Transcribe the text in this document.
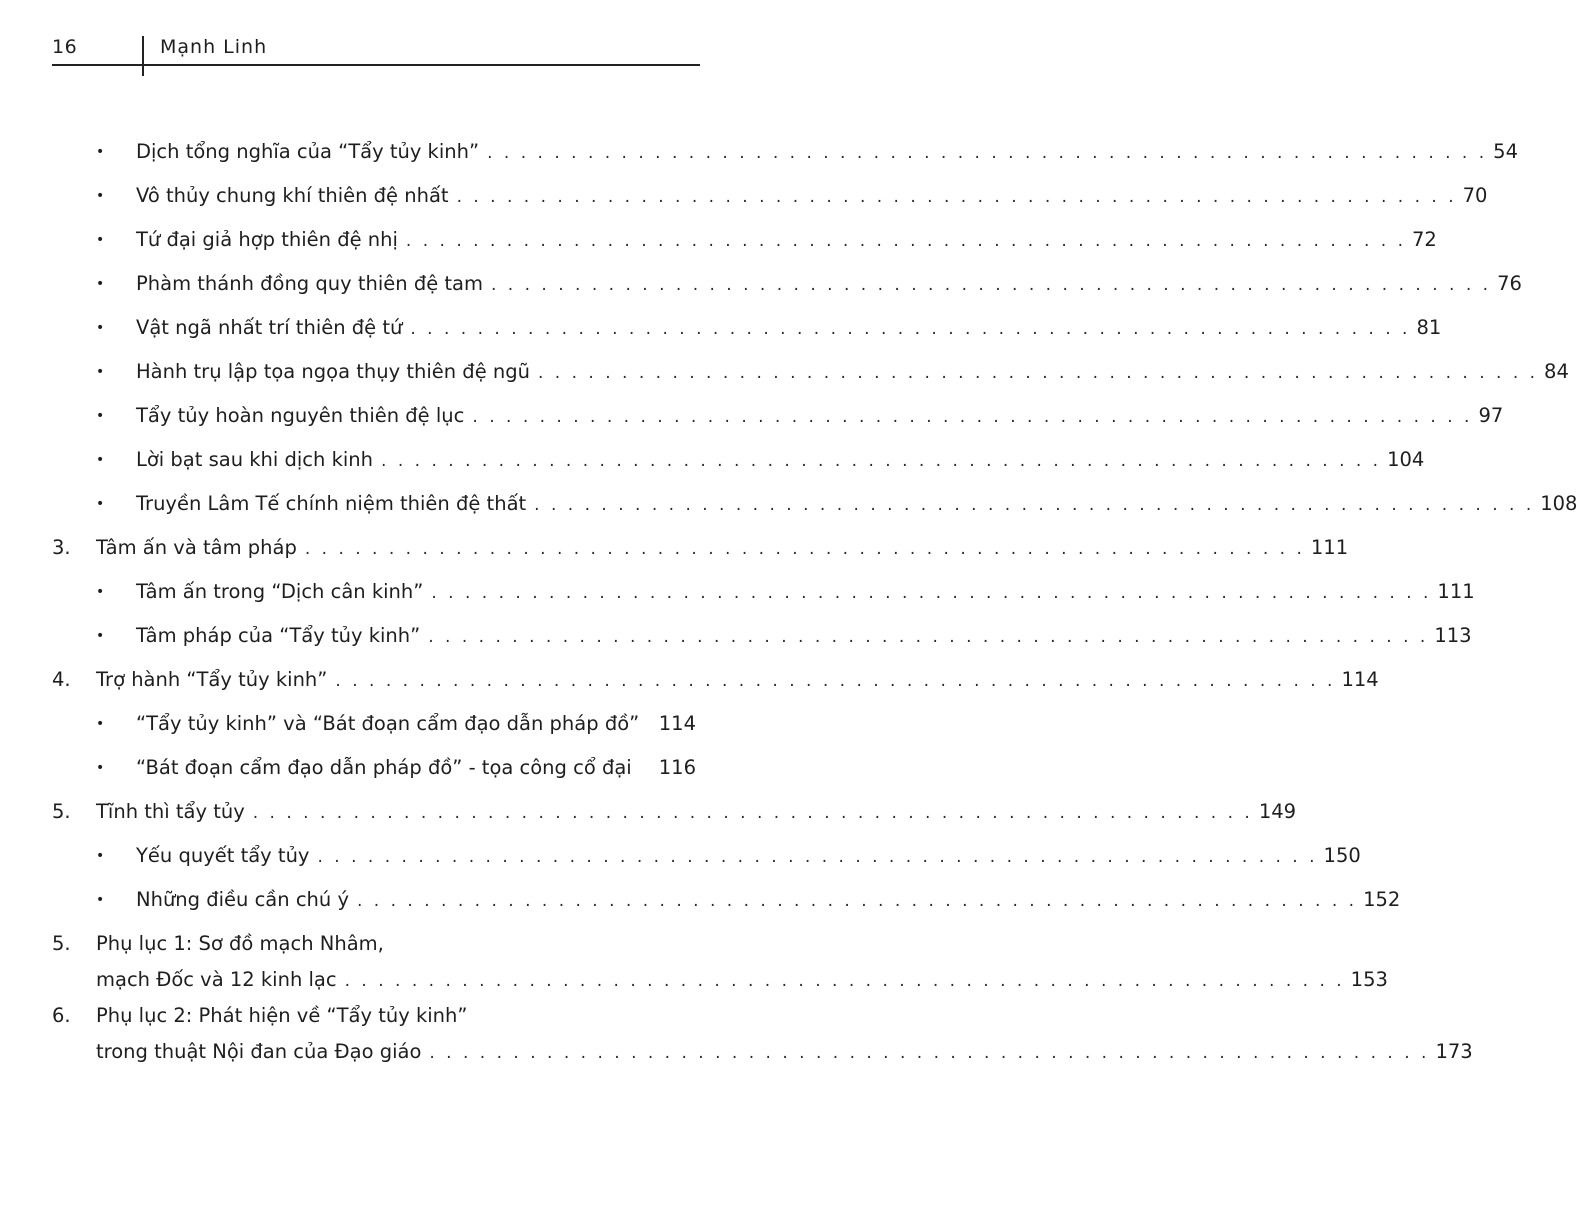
16	Mạnh Linh
• Dịch tổng nghĩa của “Tẩy tủy kinh” . . . . . . . . . . . . . . . . . . . . . . . . . . . . . . . . . . . . . . . . . . . . . . . . . . . . . . . . . . . . 54
• Vô thủy chung khí thiên đệ nhất . . . . . . . . . . . . . . . . . . . . . . . . . . . . . . . . . . . . . . . . . . . . . . . . . . . . . . . . . . . . 70
• Tứ đại giả hợp thiên đệ nhị . . . . . . . . . . . . . . . . . . . . . . . . . . . . . . . . . . . . . . . . . . . . . . . . . . . . . . . . . . . . 72
• Phàm thánh đồng quy thiên đệ tam . . . . . . . . . . . . . . . . . . . . . . . . . . . . . . . . . . . . . . . . . . . . . . . . . . . . . . . . . . . . 76
• Vật ngã nhất trí thiên đệ tứ . . . . . . . . . . . . . . . . . . . . . . . . . . . . . . . . . . . . . . . . . . . . . . . . . . . . . . . . . . . . 81
• Hành trụ lập tọa ngọa thụy thiên đệ ngũ . . . . . . . . . . . . . . . . . . . . . . . . . . . . . . . . . . . . . . . . . . . . . . . . . . . . . . . . . . . . 84
• Tẩy tủy hoàn nguyên thiên đệ lục . . . . . . . . . . . . . . . . . . . . . . . . . . . . . . . . . . . . . . . . . . . . . . . . . . . . . . . . . . . . 97
• Lời bạt sau khi dịch kinh . . . . . . . . . . . . . . . . . . . . . . . . . . . . . . . . . . . . . . . . . . . . . . . . . . . . . . . . . . . . 104
• Truyền Lâm Tế chính niệm thiên đệ thất . . . . . . . . . . . . . . . . . . . . . . . . . . . . . . . . . . . . . . . . . . . . . . . . . . . . . . . . . . . . 108
3. Tâm ấn và tâm pháp . . . . . . . . . . . . . . . . . . . . . . . . . . . . . . . . . . . . . . . . . . . . . . . . . . . . . . . . . . . . 111
• Tâm ấn trong “Dịch cân kinh” . . . . . . . . . . . . . . . . . . . . . . . . . . . . . . . . . . . . . . . . . . . . . . . . . . . . . . . . . . . . 111
• Tâm pháp của “Tẩy tủy kinh” . . . . . . . . . . . . . . . . . . . . . . . . . . . . . . . . . . . . . . . . . . . . . . . . . . . . . . . . . . . . 113
4. Trợ hành “Tẩy tủy kinh” . . . . . . . . . . . . . . . . . . . . . . . . . . . . . . . . . . . . . . . . . . . . . . . . . . . . . . . . . . . . 114
• “Tẩy tủy kinh” và “Bát đoạn cẩm đạo dẫn pháp đồ”	114
• “Bát đoạn cẩm đạo dẫn pháp đồ” - tọa công cổ đại	116
5. Tĩnh thì tẩy tủy . . . . . . . . . . . . . . . . . . . . . . . . . . . . . . . . . . . . . . . . . . . . . . . . . . . . . . . . . . . . 149
• Yếu quyết tẩy tủy . . . . . . . . . . . . . . . . . . . . . . . . . . . . . . . . . . . . . . . . . . . . . . . . . . . . . . . . . . . . 150
• Những điều cần chú ý . . . . . . . . . . . . . . . . . . . . . . . . . . . . . . . . . . . . . . . . . . . . . . . . . . . . . . . . . . . . 152
5. Phụ lục 1: Sơ đồ mạch Nhâm,
mạch Đốc và 12 kinh lạc . . . . . . . . . . . . . . . . . . . . . . . . . . . . . . . . . . . . . . . . . . . . . . . . . . . . . . . . . . . . 153
6. Phụ lục 2: Phát hiện về “Tẩy tủy kinh”
trong thuật Nội đan của Đạo giáo . . . . . . . . . . . . . . . . . . . . . . . . . . . . . . . . . . . . . . . . . . . . . . . . . . . . . . . . . . . . 173
